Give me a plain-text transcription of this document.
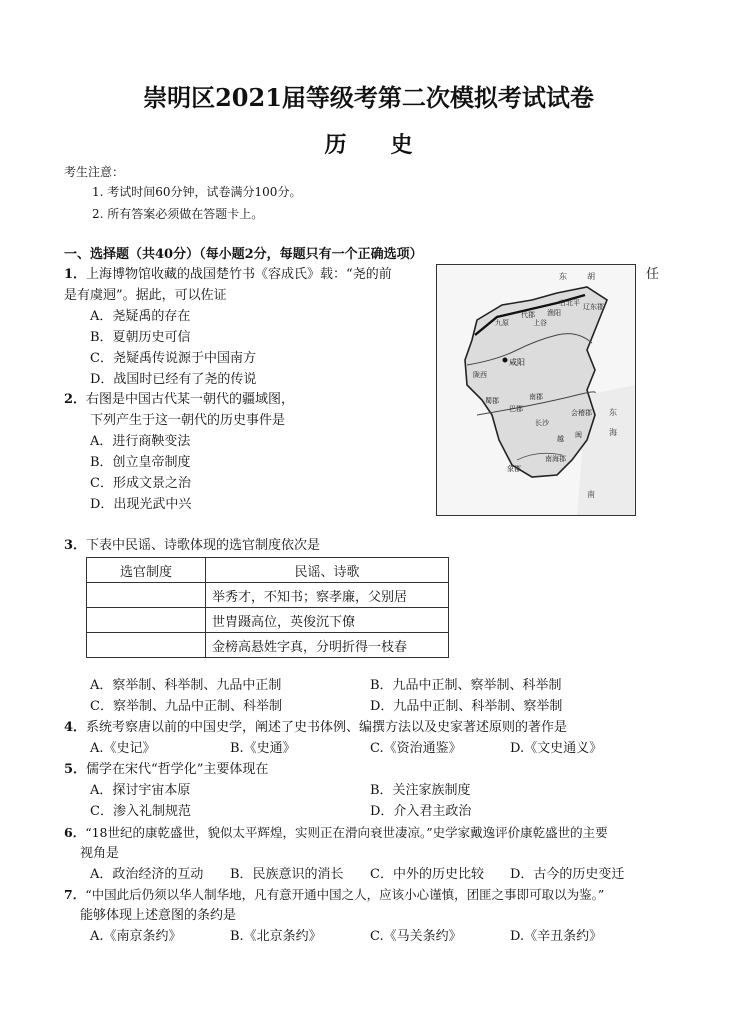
崇明区2021届等级考第二次模拟考试试卷
历 史
考生注意：
1. 考试时间60分钟，试卷满分100分。
2. 所有答案必须做在答题卡上。
一、选择题（共40分）（每小题2分，每题只有一个正确选项）
1．上海博物馆收藏的战国楚竹书《容成氏》载：“尧的前	任
是有虞迵”。据此，可以佐证
A．尧疑禹的存在
B．夏朝历史可信
C．尧疑禹传说源于中国南方
D．战国时已经有了尧的传说
2．右图是中国古代某一朝代的疆域图，
下列产生于这一朝代的历史事件是
A．进行商鞅变法
B．创立皇帝制度
C．形成文景之治
D．出现光武中兴
东	胡
辽东郡
右北平
渔阳
上谷
代郡
九原
咸阳
陇西
蜀郡
巴郡
南郡
长沙
会稽郡
南海郡
象郡
闽
越
东
海
南
3．下表中民谣、诗歌体现的选官制度依次是
选官制度	民谣、诗歌
	举秀才，不知书；察孝廉，父别居
	世胄蹑高位，英俊沉下僚
	金榜高悬姓字真，分明折得一枝春
A．察举制、科举制、九品中正制	B．九品中正制、察举制、科举制
C．察举制、九品中正制、科举制	D．九品中正制、科举制、察举制
4．系统考察唐以前的中国史学，阐述了史书体例、编撰方法以及史家著述原则的著作是
A.《史记》	B.《史通》	C.《资治通鉴》	D.《文史通义》
5．儒学在宋代“哲学化”主要体现在
A．探讨宇宙本原	B．关注家族制度
C．渗入礼制规范	D．介入君主政治
6．“18世纪的康乾盛世，貌似太平辉煌，实则正在滑向衰世凄凉。”史学家戴逸评价康乾盛世的主要
视角是
A．政治经济的互动 B．民族意识的消长 C．中外的历史比较 D．古今的历史变迁
7．“中国此后仍须以华人制华地，凡有意开通中国之人，应该小心谨慎，团匪之事即可取以为鉴。”
能够体现上述意图的条约是
A.《南京条约》	B.《北京条约》	C.《马关条约》	D.《辛丑条约》
